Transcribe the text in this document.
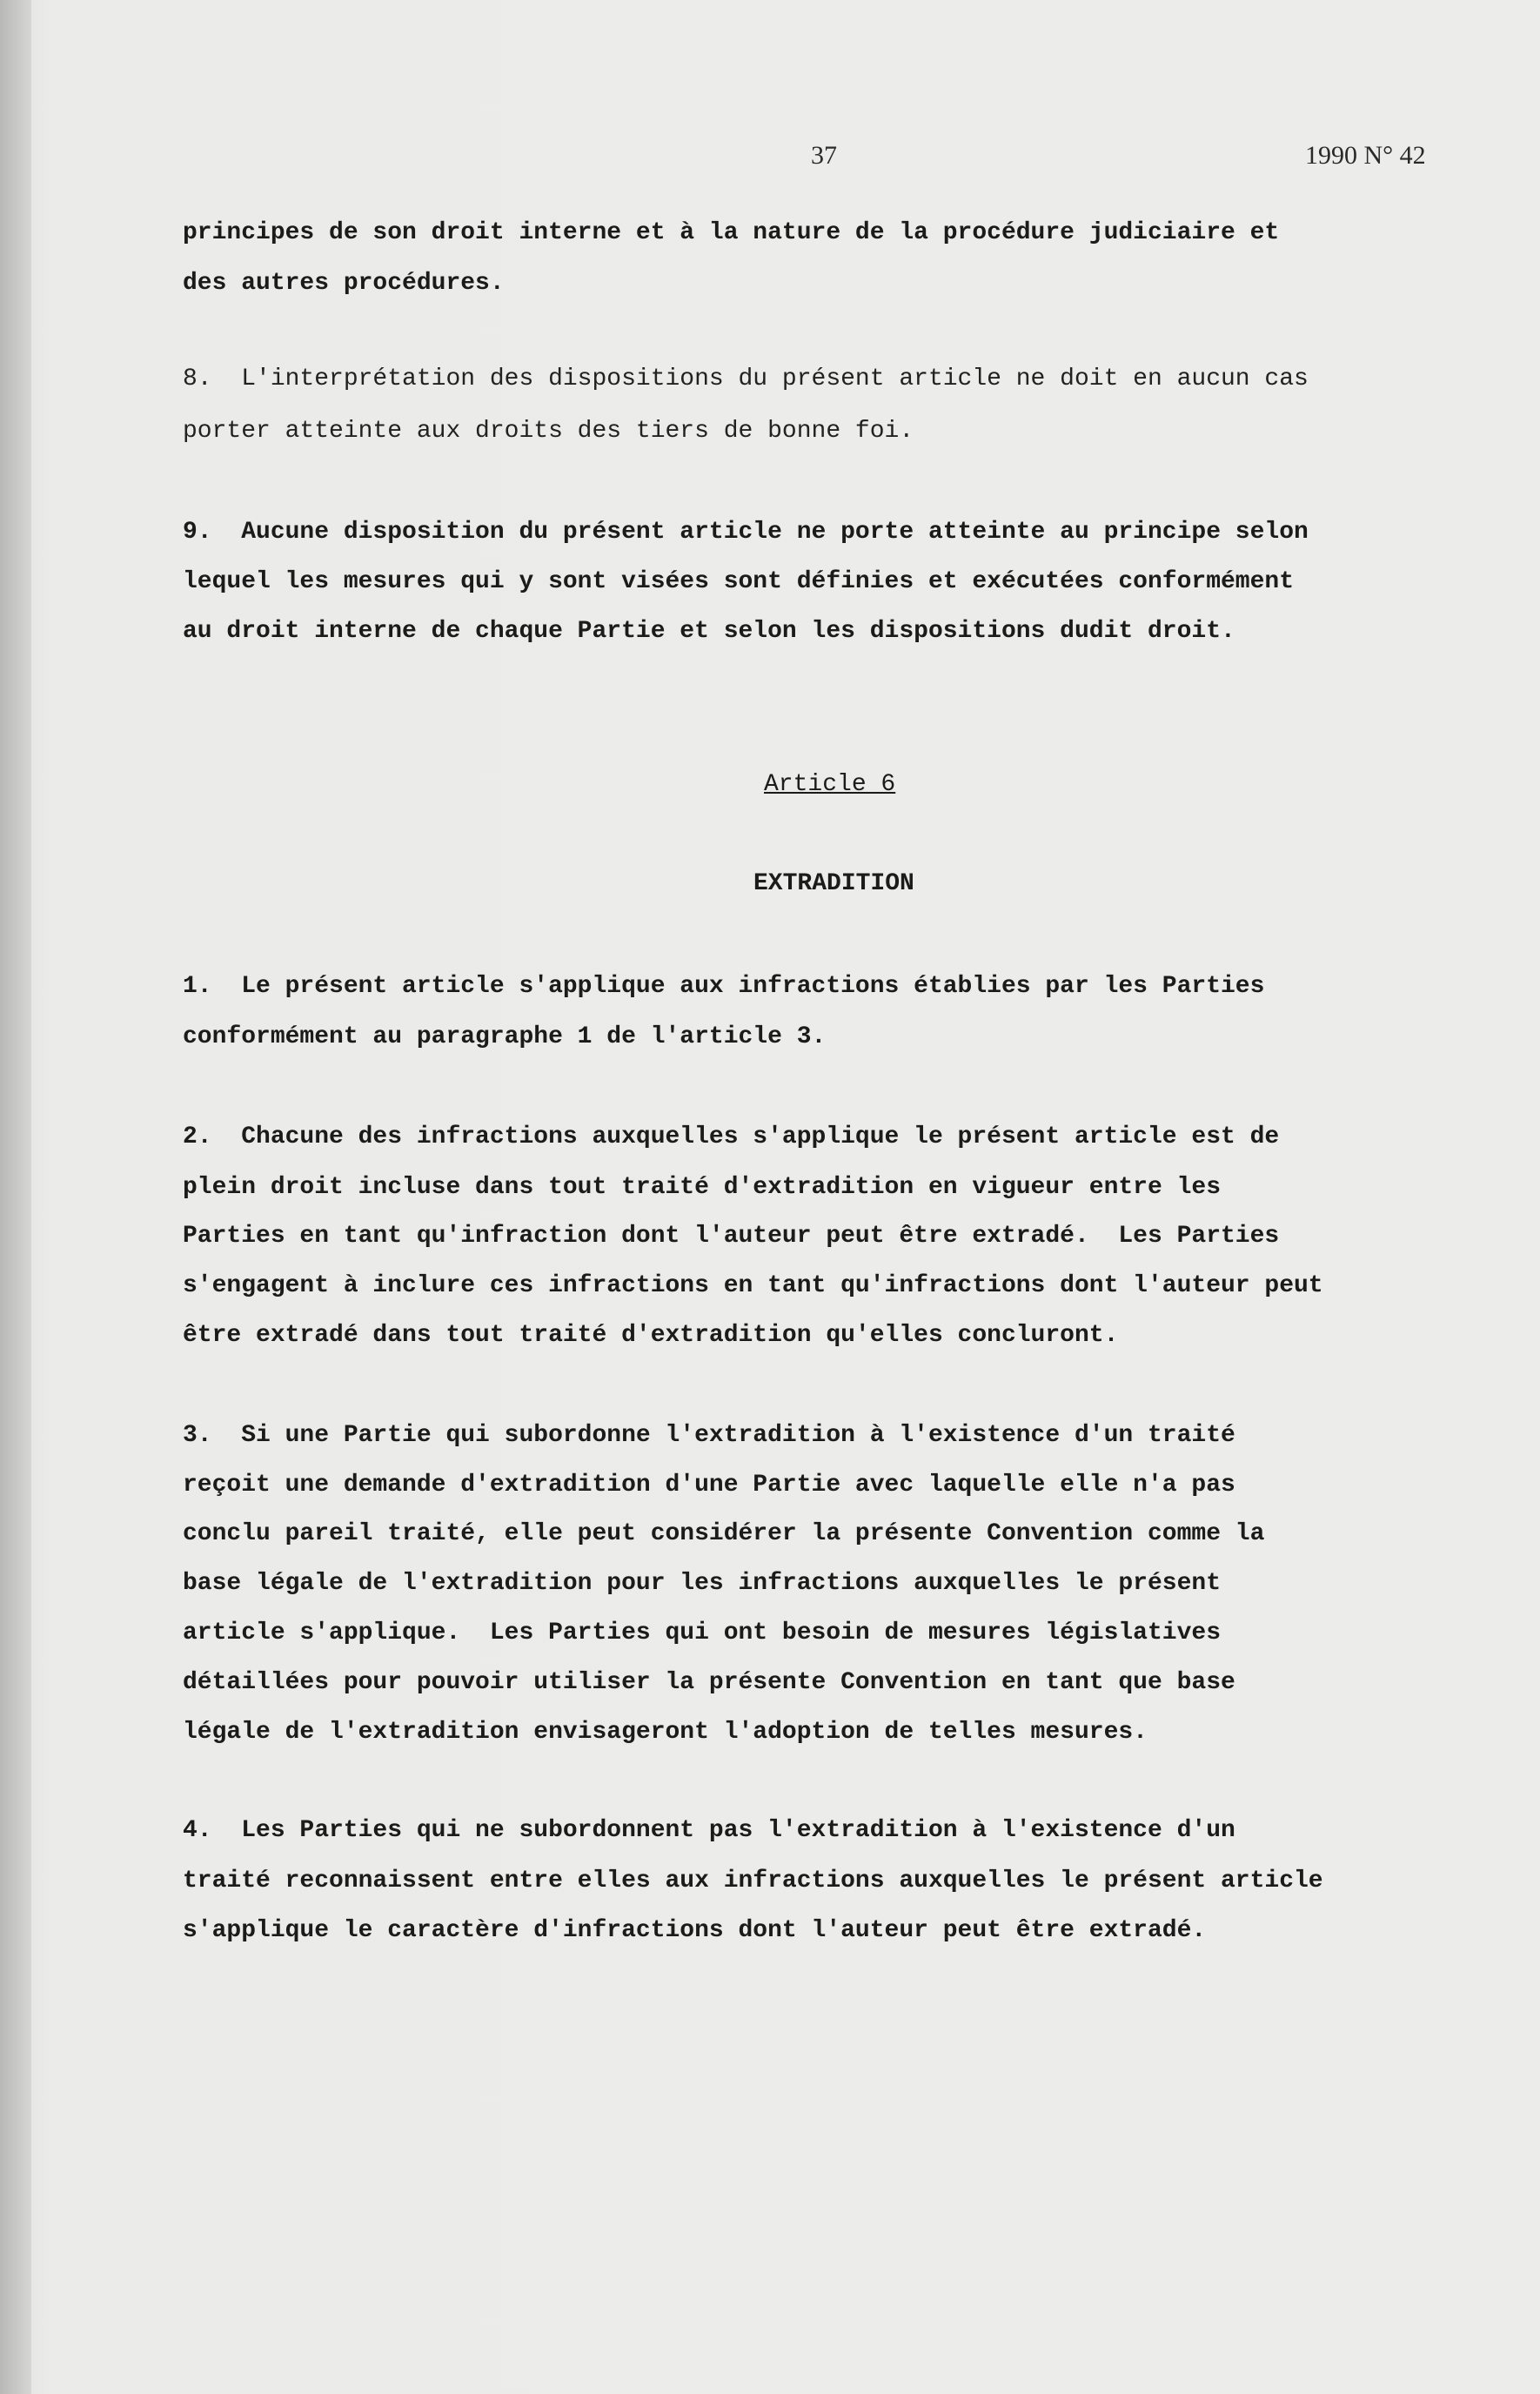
37	1990 N° 42
principes de son droit interne et à la nature de la procédure judiciaire et
des autres procédures.
8.  L'interprétation des dispositions du présent article ne doit en aucun cas
porter atteinte aux droits des tiers de bonne foi.
9.  Aucune disposition du présent article ne porte atteinte au principe selon
lequel les mesures qui y sont visées sont définies et exécutées conformément
au droit interne de chaque Partie et selon les dispositions dudit droit.
Article 6
EXTRADITION
1.  Le présent article s'applique aux infractions établies par les Parties
conformément au paragraphe 1 de l'article 3.
2.  Chacune des infractions auxquelles s'applique le présent article est de
plein droit incluse dans tout traité d'extradition en vigueur entre les
Parties en tant qu'infraction dont l'auteur peut être extradé.  Les Parties
s'engagent à inclure ces infractions en tant qu'infractions dont l'auteur peut
être extradé dans tout traité d'extradition qu'elles concluront.
3.  Si une Partie qui subordonne l'extradition à l'existence d'un traité
reçoit une demande d'extradition d'une Partie avec laquelle elle n'a pas
conclu pareil traité, elle peut considérer la présente Convention comme la
base légale de l'extradition pour les infractions auxquelles le présent
article s'applique.  Les Parties qui ont besoin de mesures législatives
détaillées pour pouvoir utiliser la présente Convention en tant que base
légale de l'extradition envisageront l'adoption de telles mesures.
4.  Les Parties qui ne subordonnent pas l'extradition à l'existence d'un
traité reconnaissent entre elles aux infractions auxquelles le présent article
s'applique le caractère d'infractions dont l'auteur peut être extradé.
